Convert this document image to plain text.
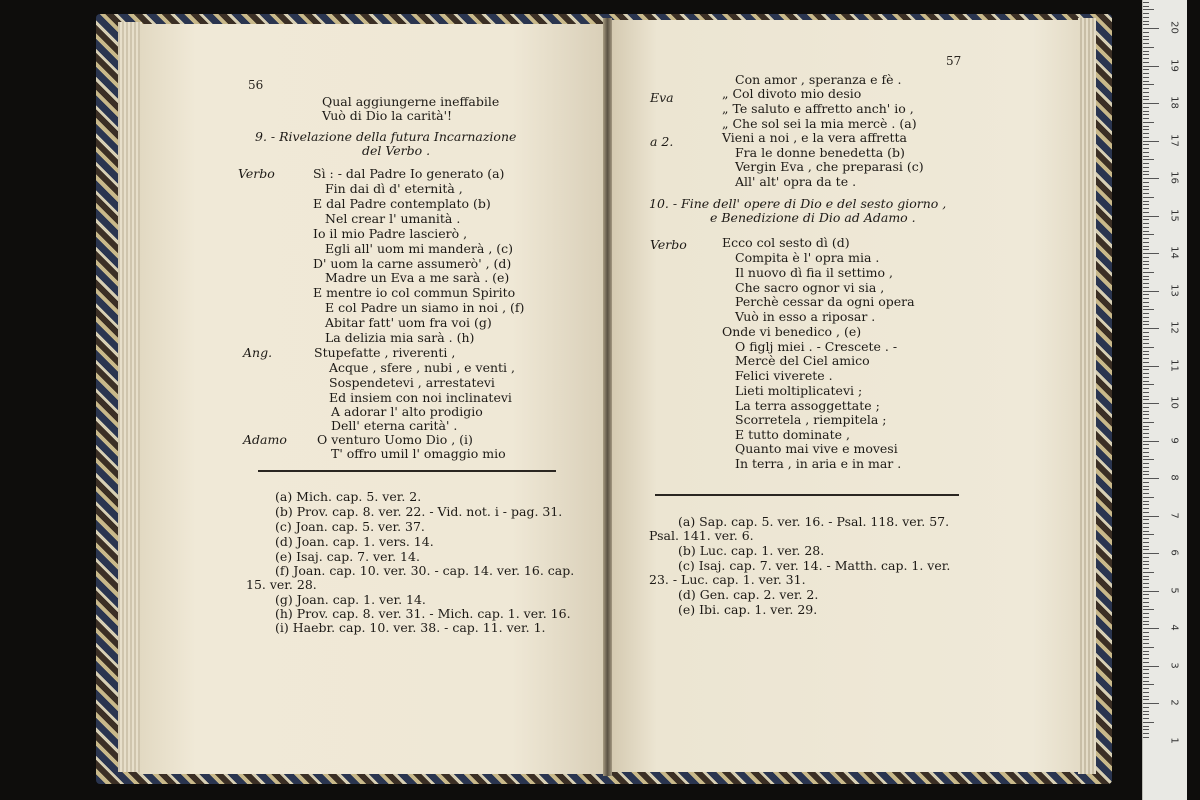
56
57
Qual aggiungerne ineffabile
Vuò di Dio la carità'!
9. - Rivelazione della futura Incarnazione
del Verbo .
Verbo	Sì : - dal Padre Io generato (a)
Fin dai dì d' eternità ,
E dal Padre contemplato (b)
Nel crear l' umanità .
Io il mio Padre lascierò ,
Egli all' uom mi manderà , (c)
D' uom la carne assumerò' , (d)
Madre un Eva a me sarà . (e)
E mentre io col commun Spirito
E col Padre un siamo in noi , (f)
Abitar fatt' uom fra voi (g)
La delizia mia sarà . (h)
Ang.	Stupefatte , riverenti ,
Acque , sfere , nubi , e venti ,
Sospendetevi , arrestatevi
Ed insiem con noi inclinatevi
A adorar l' alto prodigio
Dell' eterna carità' .
Adamo O venturo Uomo Dio , (i)
T' offro umil l' omaggio mio
(a) Mich. cap. 5. ver. 2.
(b) Prov. cap. 8. ver. 22. - Vid. not. i - pag. 31.
(c) Joan. cap. 5. ver. 37.
(d) Joan. cap. 1. vers. 14.
(e) Isaj. cap. 7. ver. 14.
(f) Joan. cap. 10. ver. 30. - cap. 14. ver. 16. cap.
15. ver. 28.
(g) Joan. cap. 1. ver. 14.
(h) Prov. cap. 8. ver. 31. - Mich. cap. 1. ver. 16.
(i) Haebr. cap. 10. ver. 38. - cap. 11. ver. 1.
Con amor , speranza e fè .
Eva	„ Col divoto mio desio
„ Te saluto e affretto anch' io ,
„ Che sol sei la mia mercè . (a)
a 2.	Vieni a noi , e la vera affretta
Fra le donne benedetta (b)
Vergin Eva , che preparasi (c)
All' alt' opra da te .
10. - Fine dell' opere di Dio e del sesto giorno ,
e Benedizione di Dio ad Adamo .
Verbo	Ecco col sesto dì (d)
Compita è l' opra mia .
Il nuovo dì fia il settimo ,
Che sacro ognor vi sia ,
Perchè cessar da ogni opera
Vuò in esso a riposar .
Onde vi benedico , (e)
O figlj miei . - Crescete . -
Mercè del Ciel amico
Felici viverete .
Lieti moltiplicatevi ;
La terra assoggettate ;
Scorretela , riempitela ;
E tutto dominate ,
Quanto mai vive e movesi
In terra , in aria e in mar .
(a) Sap. cap. 5. ver. 16. - Psal. 118. ver. 57.
Psal. 141. ver. 6.
(b) Luc. cap. 1. ver. 28.
(c) Isaj. cap. 7. ver. 14. - Matth. cap. 1. ver.
23. - Luc. cap. 1. ver. 31.
(d) Gen. cap. 2. ver. 2.
(e) Ibi. cap. 1. ver. 29.
1
2
3
4
5
6
7
8
9
10
11
12
13
14
15
16
17
18
19
20
